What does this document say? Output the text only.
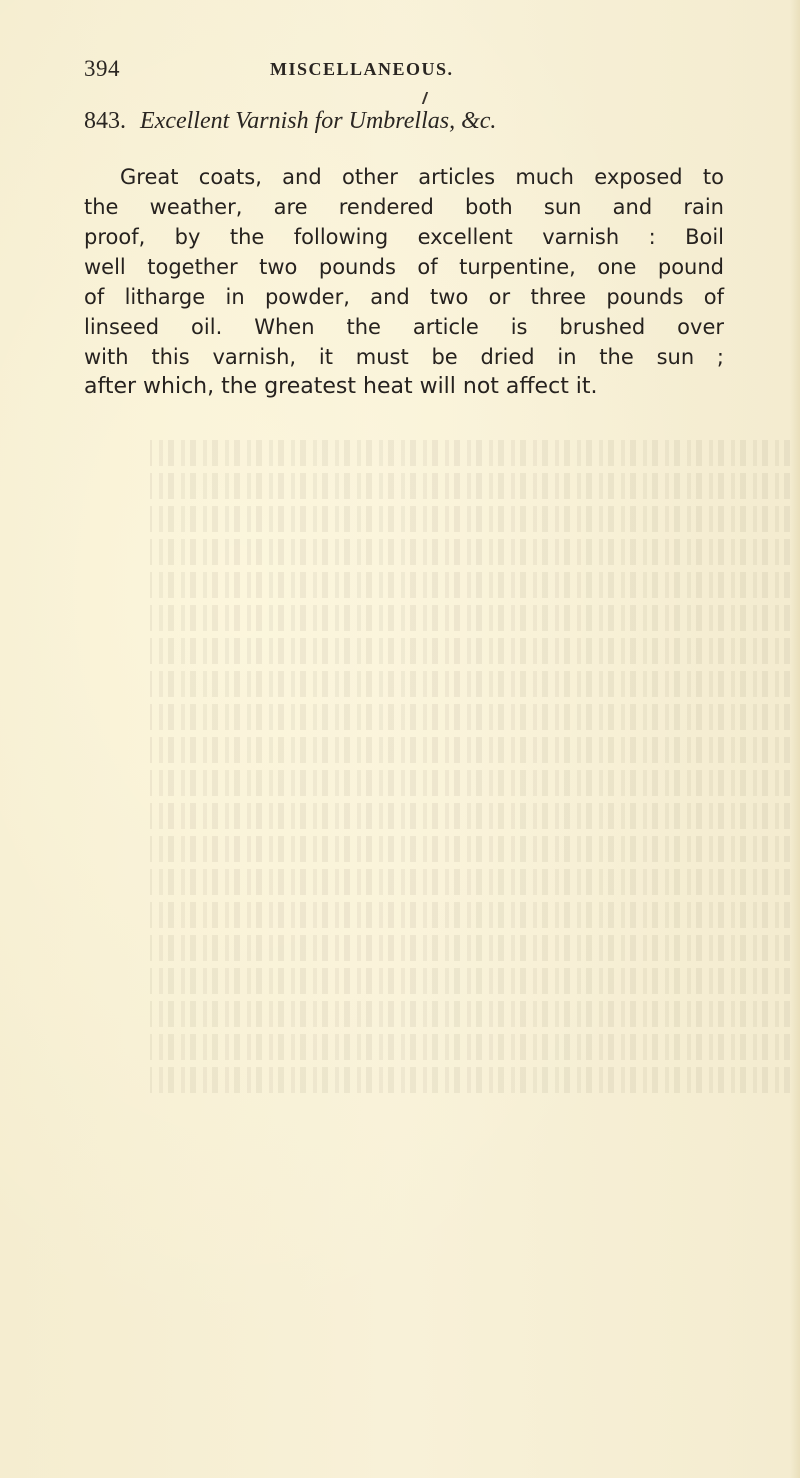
394	MISCELLANEOUS.
843. Excellent Varnish for Umbrellas, &c.
Great coats, and other articles much exposed to
the weather, are rendered both sun and rain
proof, by the following excellent varnish : Boil
well together two pounds of turpentine, one pound
of litharge in powder, and two or three pounds of
linseed oil. When the article is brushed over
with this varnish, it must be dried in the sun ;
after which, the greatest heat will not affect it.
